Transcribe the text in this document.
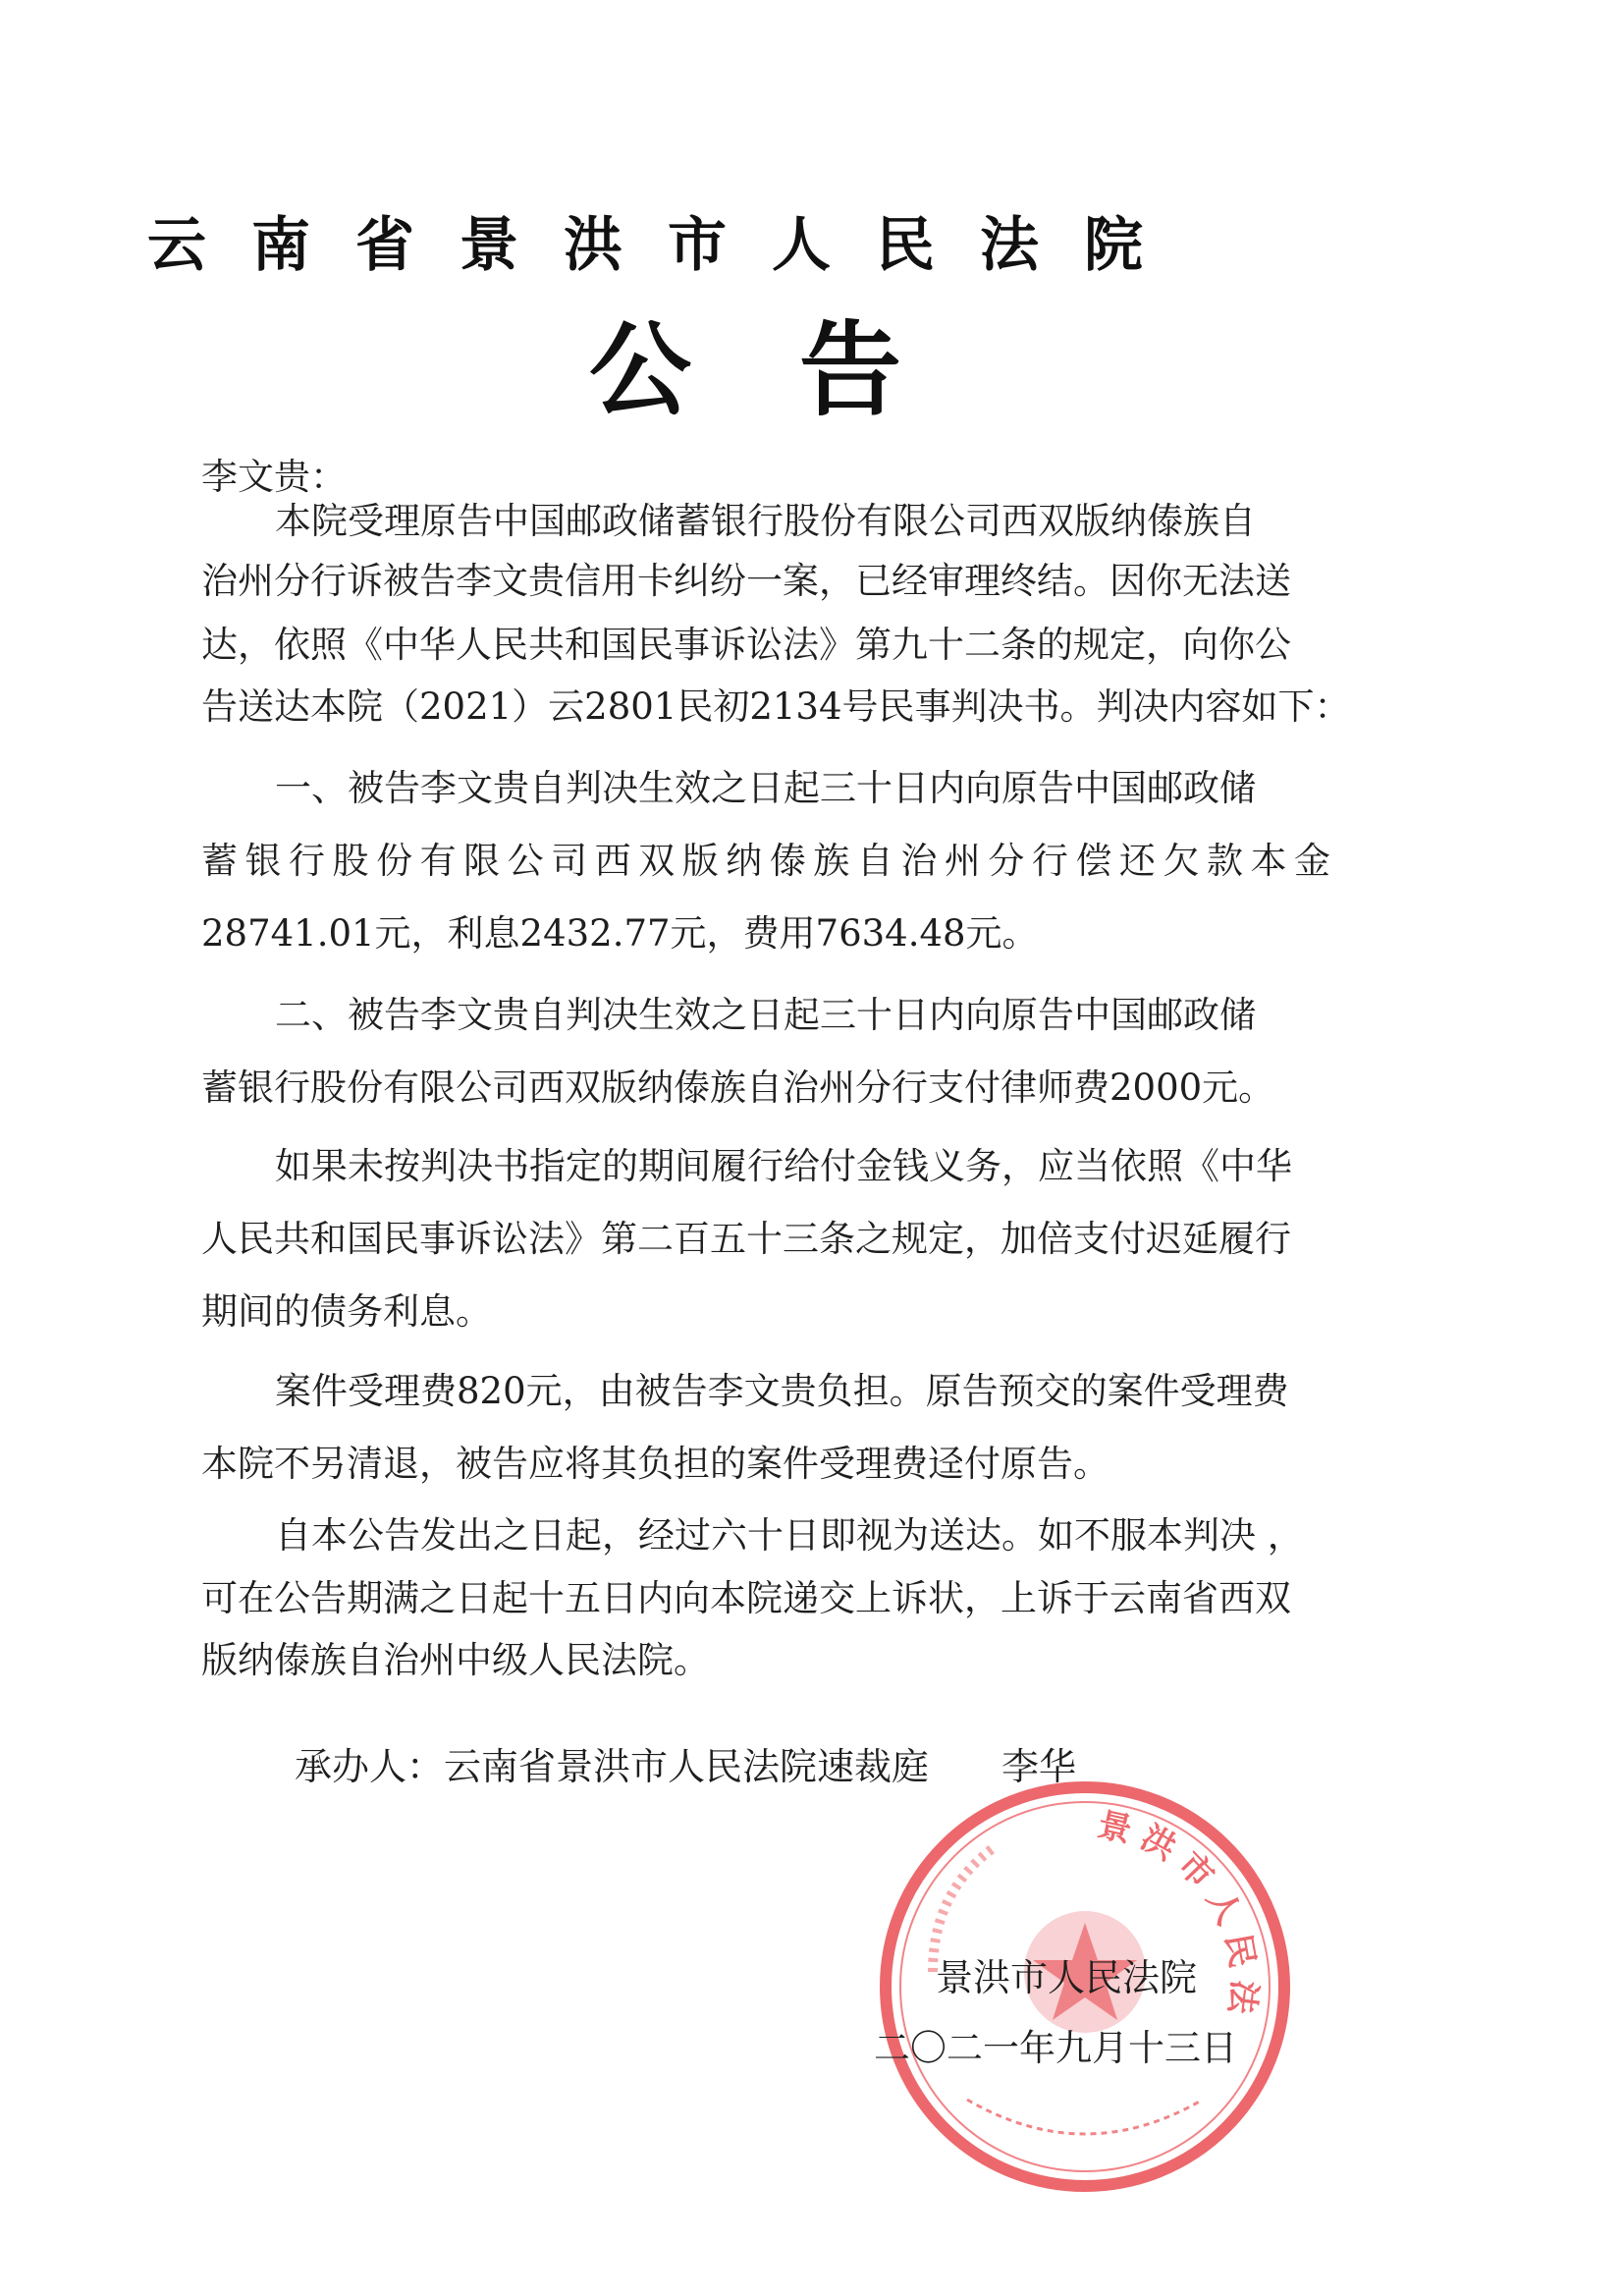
云南省景洪市人民法院
公告
李文贵：
本院受理原告中国邮政储蓄银行股份有限公司西双版纳傣族自
治州分行诉被告李文贵信用卡纠纷一案，已经审理终结。因你无法送
达，依照《中华人民共和国民事诉讼法》第九十二条的规定，向你公
告送达本院（2021）云2801民初2134号民事判决书。判决内容如下：
一、被告李文贵自判决生效之日起三十日内向原告中国邮政储
蓄银行股份有限公司西双版纳傣族自治州分行偿还欠款本金
28741.01元，利息2432.77元，费用7634.48元。
二、被告李文贵自判决生效之日起三十日内向原告中国邮政储
蓄银行股份有限公司西双版纳傣族自治州分行支付律师费2000元。
如果未按判决书指定的期间履行给付金钱义务，应当依照《中华
人民共和国民事诉讼法》第二百五十三条之规定，加倍支付迟延履行
期间的债务利息。
案件受理费820元，由被告李文贵负担。原告预交的案件受理费
本院不另清退，被告应将其负担的案件受理费迳付原告。
自本公告发出之日起，经过六十日即视为送达。如不服本判决 ，
可在公告期满之日起十五日内向本院递交上诉状，上诉于云南省西双
版纳傣族自治州中级人民法院。
承办人：云南省景洪市人民法院速裁庭 李华
景洪市人民法
景洪市人民法院
二〇二一年九月十三日
